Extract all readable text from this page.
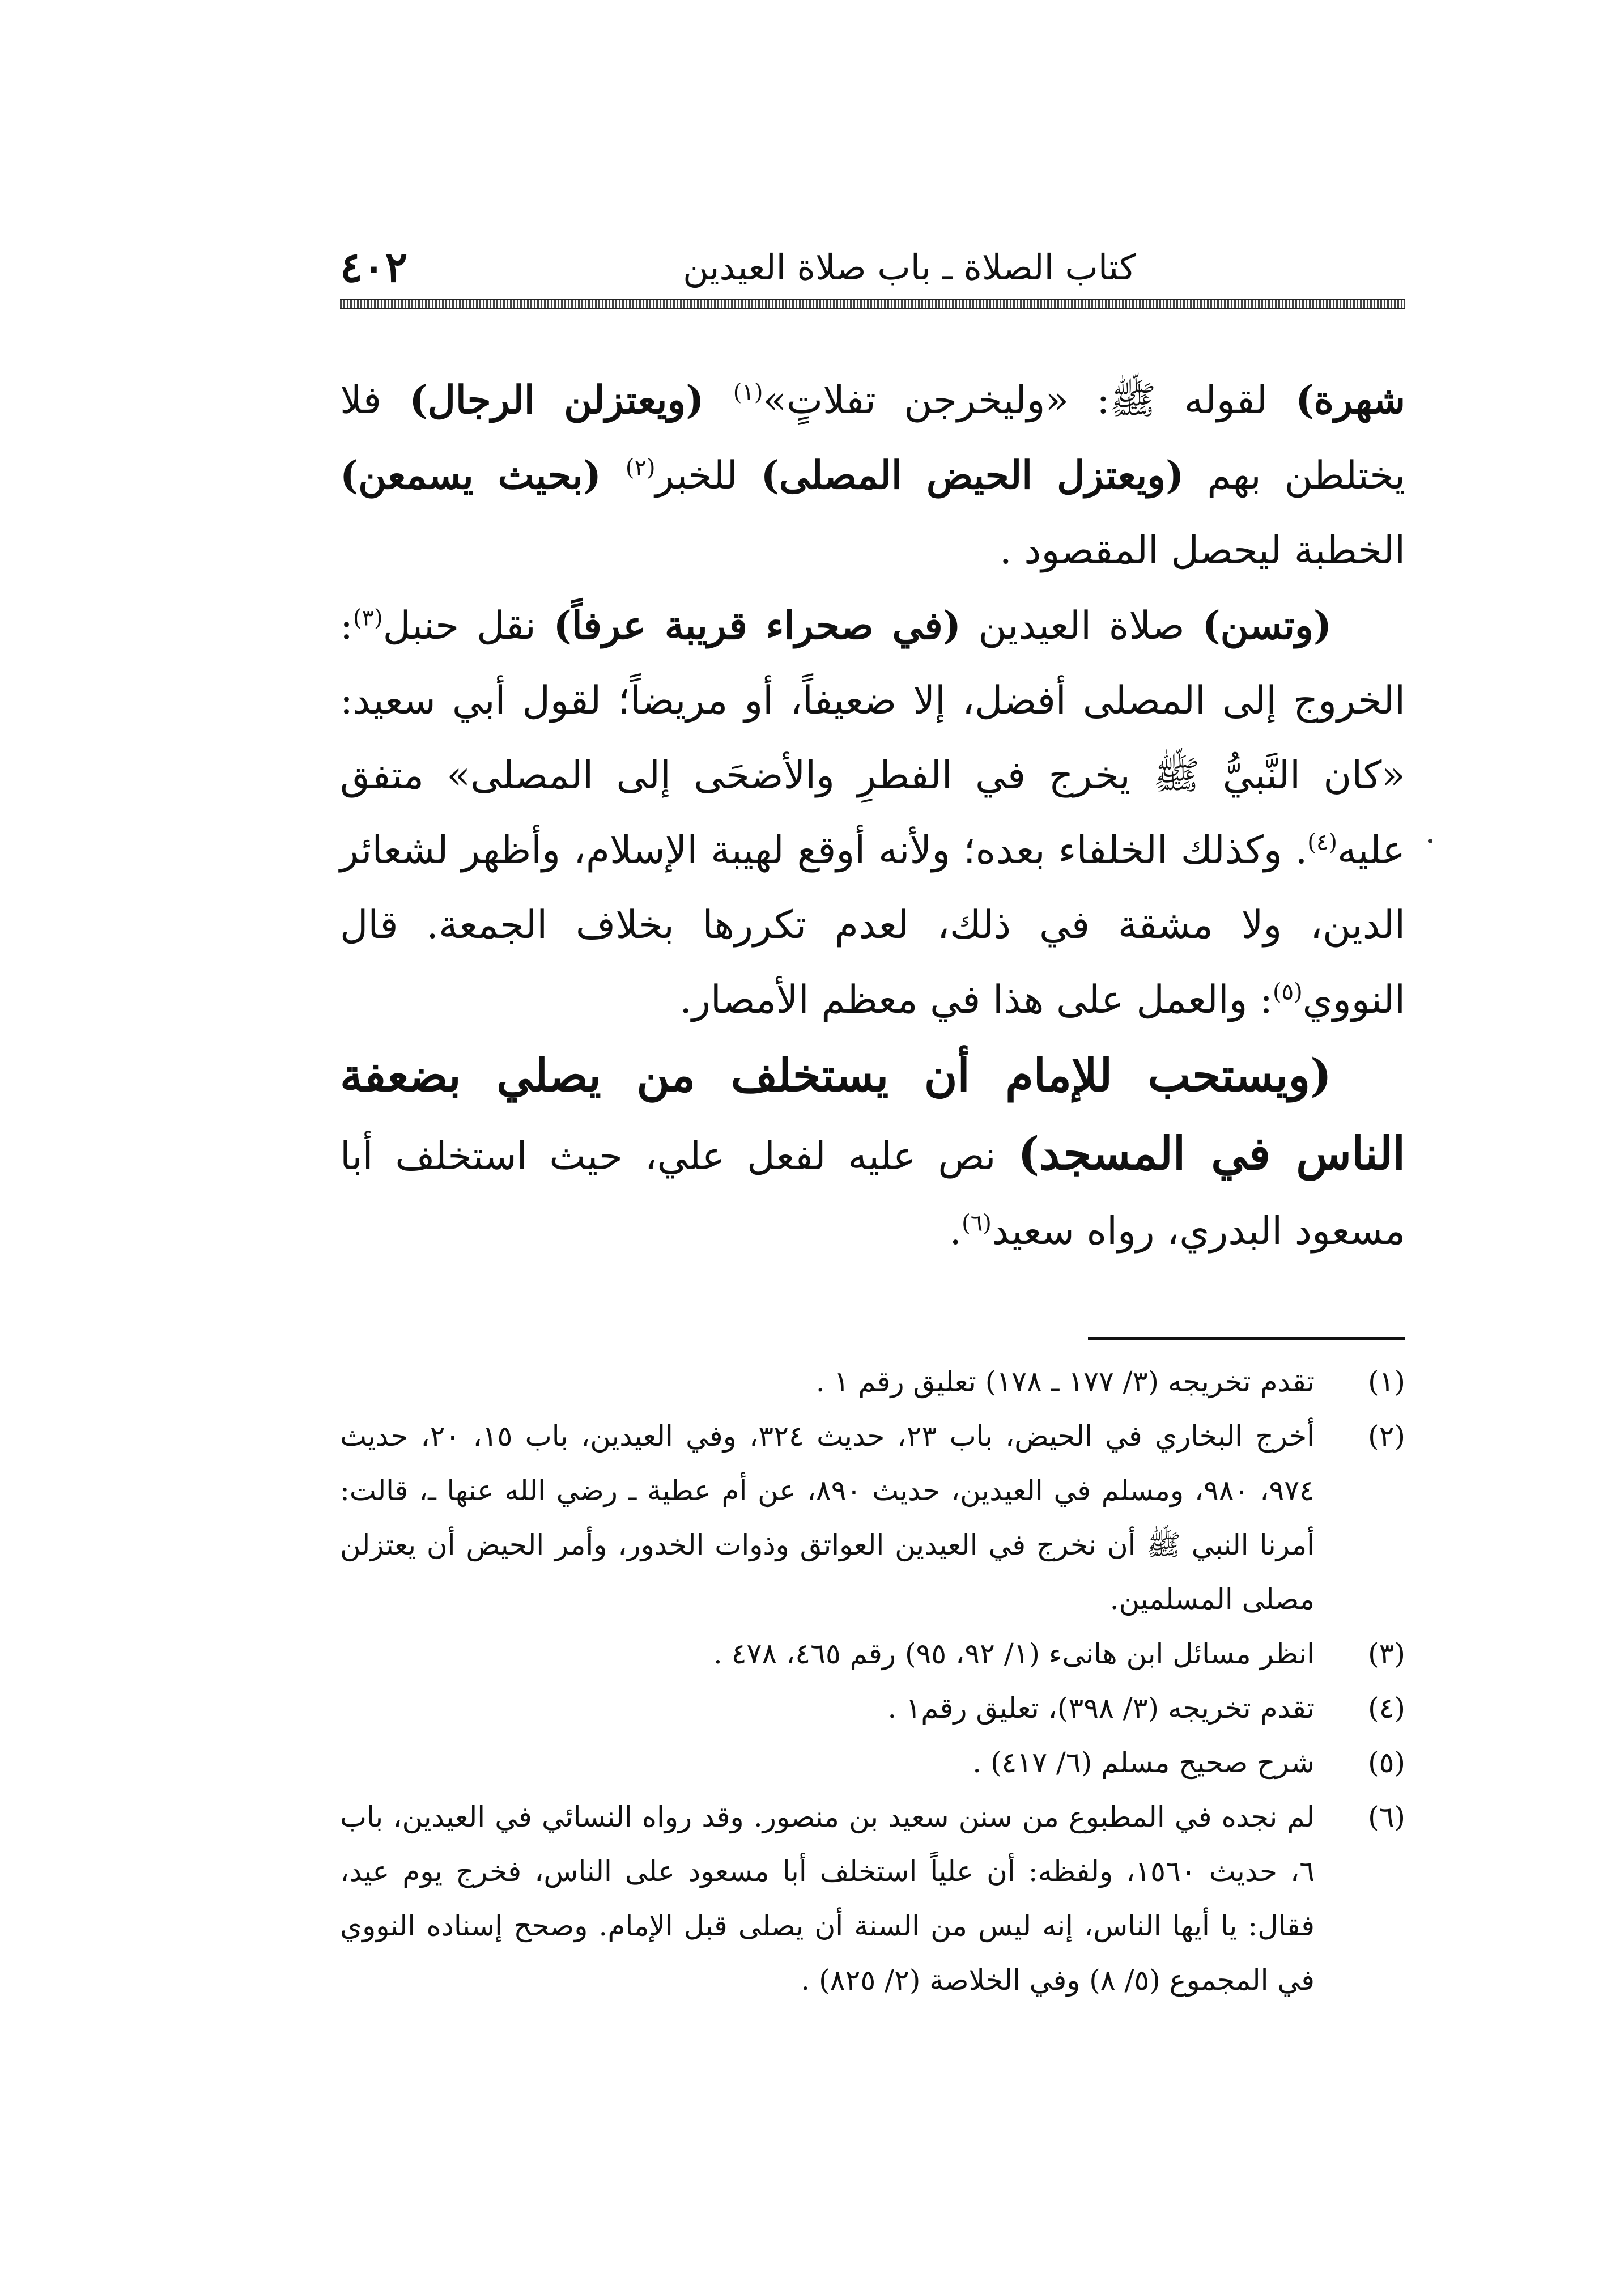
كتاب الصلاة ـ باب صلاة العيدين
٤٠٢

شهرة) لقوله ﷺ: «وليخرجن تفلاتٍ»$^{(١)}$ (ويعتزلن الرجال) فلا يختلطن بهم (ويعتزل الحيض المصلى) للخبر$^{(٢)}$ (بحيث يسمعن) الخطبة ليحصل المقصود .

(وتسن) صلاة العيدين (في صحراء قريبة عرفاً) نقل حنبل$^{(٣)}$: الخروج إلى المصلى أفضل، إلا ضعيفاً، أو مريضاً؛ لقول أبي سعيد: «كان النَّبيُّ ﷺ يخرج في الفطرِ والأضحَى إلى المصلى» متفق عليه$^{(٤)}$. وكذلك الخلفاء بعده؛ ولأنه أوقع لهيبة الإسلام، وأظهر لشعائر الدين، ولا مشقة في ذلك، لعدم تكررها بخلاف الجمعة. قال النووي$^{(٥)}$: والعمل على هذا في معظم الأمصار.

(ويستحب للإمام أن يستخلف من يصلي بضعفة الناس في المسجد) نص عليه لفعل علي، حيث استخلف أبا مسعود البدري، رواه سعيد$^{(٦)}$.

(١)
تقدم تخريجه (٣/ ١٧٧ ـ ١٧٨) تعليق رقم ١ .

(٢)
أخرج البخاري في الحيض، باب ٢٣، حديث ٣٢٤، وفي العيدين، باب ١٥، ٢٠، حديث ٩٧٤، ٩٨٠، ومسلم في العيدين، حديث ٨٩٠، عن أم عطية ـ رضي الله عنها ـ، قالت: أمرنا النبي ﷺ أن نخرج في العيدين العواتق وذوات الخدور، وأمر الحيض أن يعتزلن مصلى المسلمين.

(٣)
انظر مسائل ابن هانىء (١/ ٩٢، ٩٥) رقم ٤٦٥، ٤٧٨ .

(٤)
تقدم تخريجه (٣/ ٣٩٨)، تعليق رقم١ .

(٥)
شرح صحيح مسلم (٦/ ٤١٧) .

(٦)
لم نجده في المطبوع من سنن سعيد بن منصور. وقد رواه النسائي في العيدين، باب ٦، حديث ١٥٦٠، ولفظه: أن علياً استخلف أبا مسعود على الناس، فخرج يوم عيد، فقال: يا أيها الناس، إنه ليس من السنة أن يصلى قبل الإمام. وصحح إسناده النووي في المجموع (٥/ ٨) وفي الخلاصة (٢/ ٨٢٥) .
